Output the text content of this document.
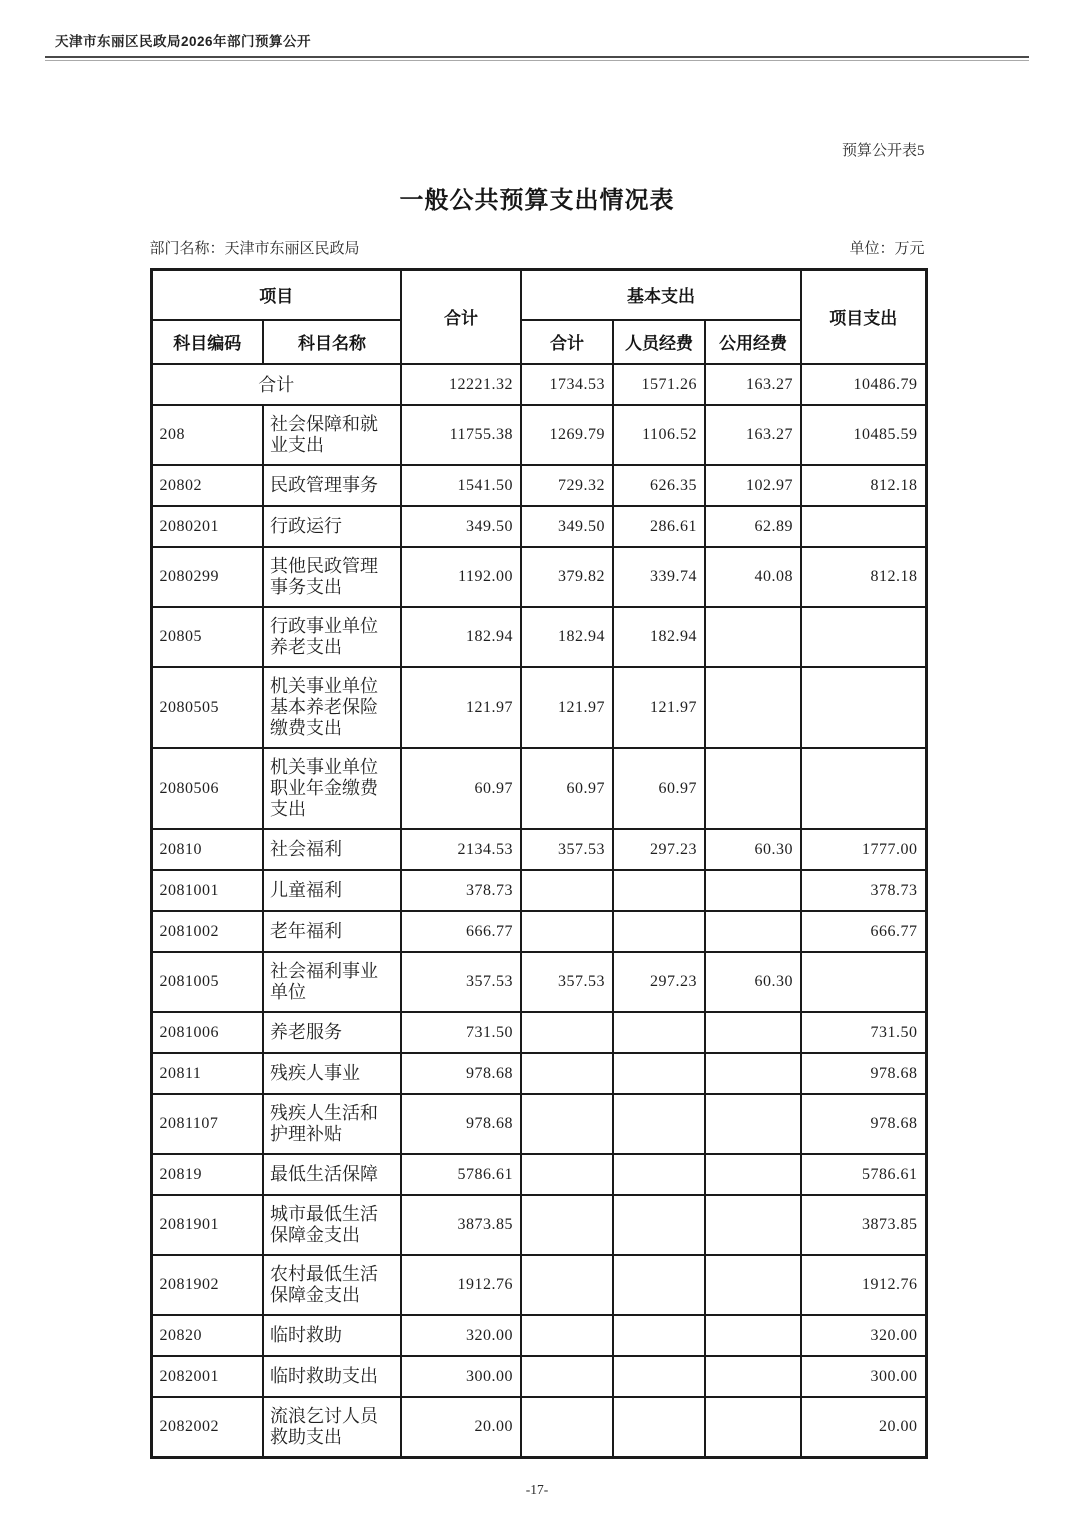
天津市东丽区民政局2026年部门预算公开
预算公开表5
一般公共预算支出情况表
部门名称：天津市东丽区民政局	单位：万元
项目		合计	基本支出			项目支出
科目编码	科目名称		合计	人员经费	公用经费	
合计		12221.32	1734.53	1571.26	163.27	10486.79
208	社会保障和就业支出	11755.38	1269.79	1106.52	163.27	10485.59
20802	民政管理事务	1541.50	729.32	626.35	102.97	812.18
2080201	行政运行	349.50	349.50	286.61	62.89	
2080299	其他民政管理事务支出	1192.00	379.82	339.74	40.08	812.18
20805	行政事业单位养老支出	182.94	182.94	182.94		
2080505	机关事业单位基本养老保险缴费支出	121.97	121.97	121.97		
2080506	机关事业单位职业年金缴费支出	60.97	60.97	60.97		
20810	社会福利	2134.53	357.53	297.23	60.30	1777.00
2081001	儿童福利	378.73				378.73
2081002	老年福利	666.77				666.77
2081005	社会福利事业单位	357.53	357.53	297.23	60.30	
2081006	养老服务	731.50				731.50
20811	残疾人事业	978.68				978.68
2081107	残疾人生活和护理补贴	978.68				978.68
20819	最低生活保障	5786.61				5786.61
2081901	城市最低生活保障金支出	3873.85				3873.85
2081902	农村最低生活保障金支出	1912.76				1912.76
20820	临时救助	320.00				320.00
2082001	临时救助支出	300.00				300.00
2082002	流浪乞讨人员救助支出	20.00				20.00
-17-
